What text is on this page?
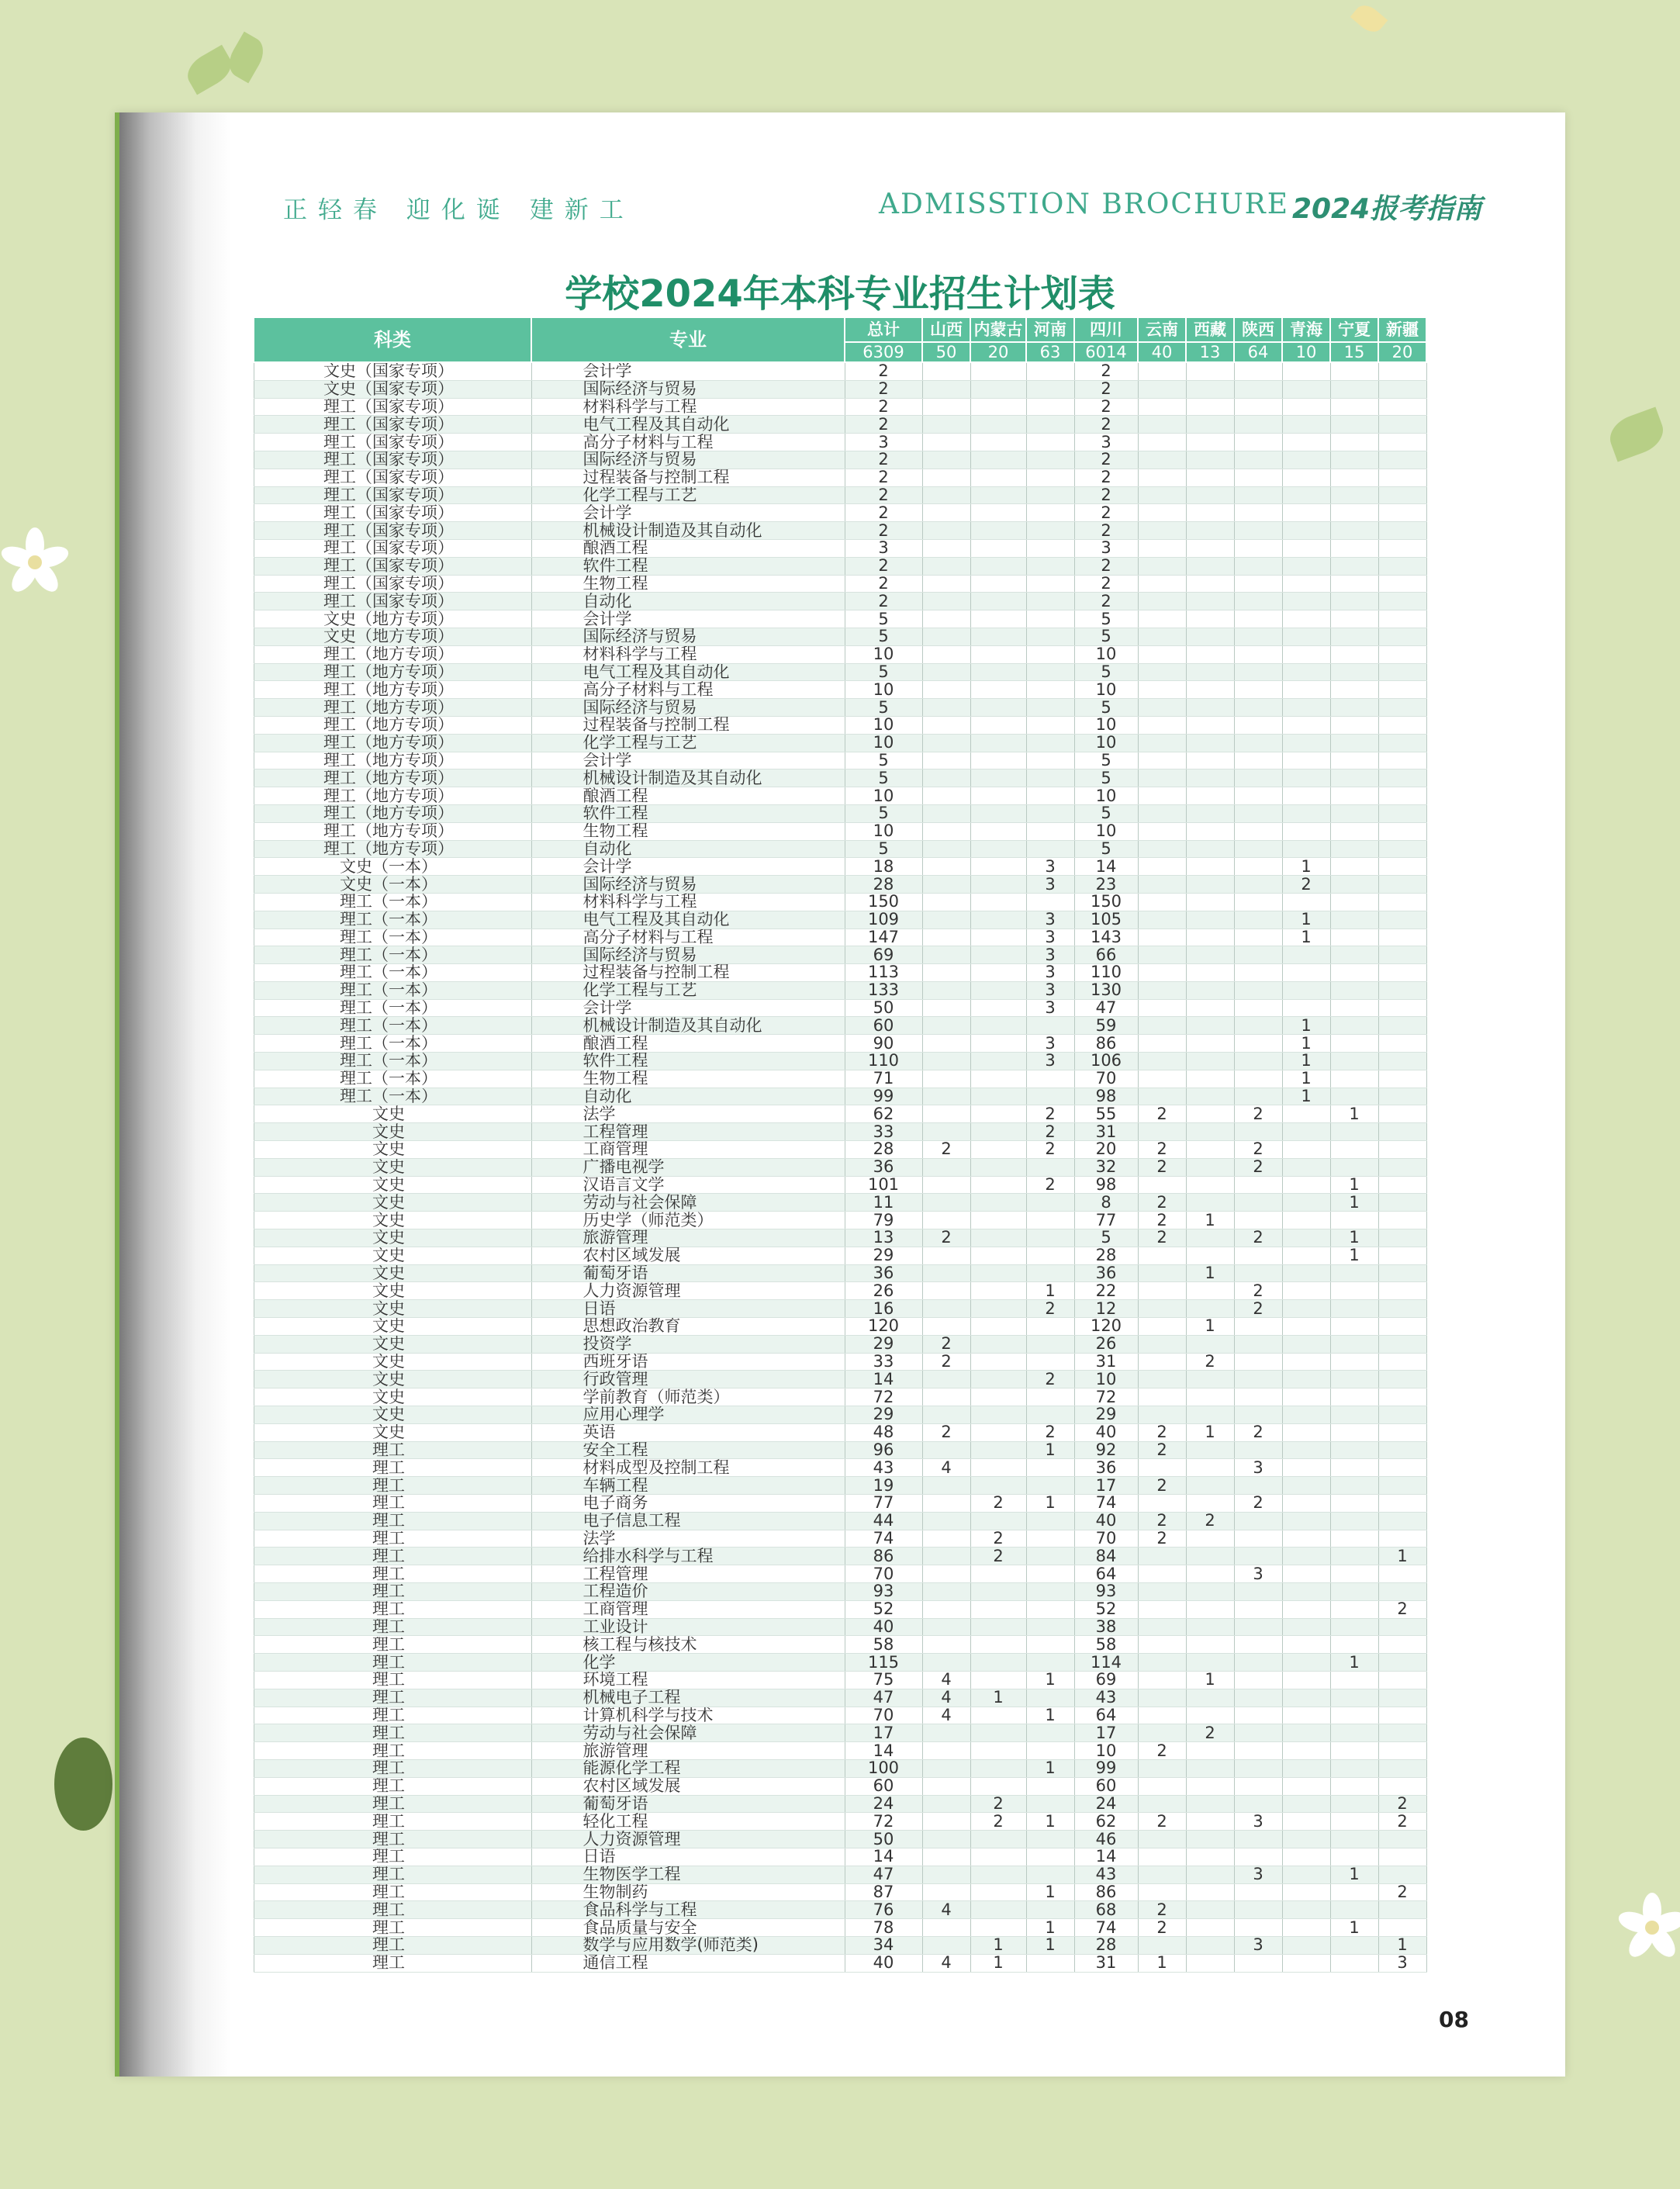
正轻春 迎化诞 建新工	ADMISSTION BROCHURE 2024报考指南
学校2024年本科专业招生计划表
科类	专业	总计	山西	内蒙古	河南	四川	云南	西藏	陕西	青海	宁夏	新疆
		6309	50	20	63	6014	40	13	64	10	15	20
文史（国家专项）	会计学	2				2						
文史（国家专项）	国际经济与贸易	2				2						
理工（国家专项）	材料科学与工程	2				2						
理工（国家专项）	电气工程及其自动化	2				2						
理工（国家专项）	高分子材料与工程	3				3						
理工（国家专项）	国际经济与贸易	2				2						
理工（国家专项）	过程装备与控制工程	2				2						
理工（国家专项）	化学工程与工艺	2				2						
理工（国家专项）	会计学	2				2						
理工（国家专项）	机械设计制造及其自动化	2				2						
理工（国家专项）	酿酒工程	3				3						
理工（国家专项）	软件工程	2				2						
理工（国家专项）	生物工程	2				2						
理工（国家专项）	自动化	2				2						
文史（地方专项）	会计学	5				5						
文史（地方专项）	国际经济与贸易	5				5						
理工（地方专项）	材料科学与工程	10				10						
理工（地方专项）	电气工程及其自动化	5				5						
理工（地方专项）	高分子材料与工程	10				10						
理工（地方专项）	国际经济与贸易	5				5						
理工（地方专项）	过程装备与控制工程	10				10						
理工（地方专项）	化学工程与工艺	10				10						
理工（地方专项）	会计学	5				5						
理工（地方专项）	机械设计制造及其自动化	5				5						
理工（地方专项）	酿酒工程	10				10						
理工（地方专项）	软件工程	5				5						
理工（地方专项）	生物工程	10				10						
理工（地方专项）	自动化	5				5						
文史（一本）	会计学	18			3	14				1		
文史（一本）	国际经济与贸易	28			3	23				2		
理工（一本）	材料科学与工程	150				150						
理工（一本）	电气工程及其自动化	109			3	105				1		
理工（一本）	高分子材料与工程	147			3	143				1		
理工（一本）	国际经济与贸易	69			3	66						
理工（一本）	过程装备与控制工程	113			3	110						
理工（一本）	化学工程与工艺	133			3	130						
理工（一本）	会计学	50			3	47						
理工（一本）	机械设计制造及其自动化	60				59				1		
理工（一本）	酿酒工程	90			3	86				1		
理工（一本）	软件工程	110			3	106				1		
理工（一本）	生物工程	71				70				1		
理工（一本）	自动化	99				98				1		
文史	法学	62			2	55	2		2		1	
文史	工程管理	33			2	31						
文史	工商管理	28	2		2	20	2		2			
文史	广播电视学	36				32	2		2			
文史	汉语言文学	101			2	98					1	
文史	劳动与社会保障	11				8	2				1	
文史	历史学（师范类）	79				77	2	1				
文史	旅游管理	13	2			5	2		2		1	
文史	农村区域发展	29				28					1	
文史	葡萄牙语	36				36		1				
文史	人力资源管理	26			1	22			2			
文史	日语	16			2	12			2			
文史	思想政治教育	120				120		1				
文史	投资学	29	2			26						
文史	西班牙语	33	2			31		2				
文史	行政管理	14			2	10						
文史	学前教育（师范类）	72				72						
文史	应用心理学	29				29						
文史	英语	48	2		2	40	2	1	2			
理工	安全工程	96			1	92	2					
理工	材料成型及控制工程	43	4			36			3			
理工	车辆工程	19				17	2					
理工	电子商务	77		2	1	74			2			
理工	电子信息工程	44				40	2	2				
理工	法学	74		2		70	2					
理工	给排水科学与工程	86		2		84						1
理工	工程管理	70				64			3			
理工	工程造价	93				93						
理工	工商管理	52				52						2
理工	工业设计	40				38						
理工	核工程与核技术	58				58						
理工	化学	115				114					1	
理工	环境工程	75	4		1	69		1				
理工	机械电子工程	47	4	1		43						
理工	计算机科学与技术	70	4		1	64						
理工	劳动与社会保障	17				17		2				
理工	旅游管理	14				10	2					
理工	能源化学工程	100			1	99						
理工	农村区域发展	60				60						
理工	葡萄牙语	24		2		24						2
理工	轻化工程	72		2	1	62	2		3			2
理工	人力资源管理	50				46						
理工	日语	14				14						
理工	生物医学工程	47				43			3		1	
理工	生物制药	87			1	86						2
理工	食品科学与工程	76	4			68	2					
理工	食品质量与安全	78			1	74	2				1	
理工	数学与应用数学(师范类)	34		1	1	28			3			1
理工	通信工程	40	4	1		31	1					3
08
